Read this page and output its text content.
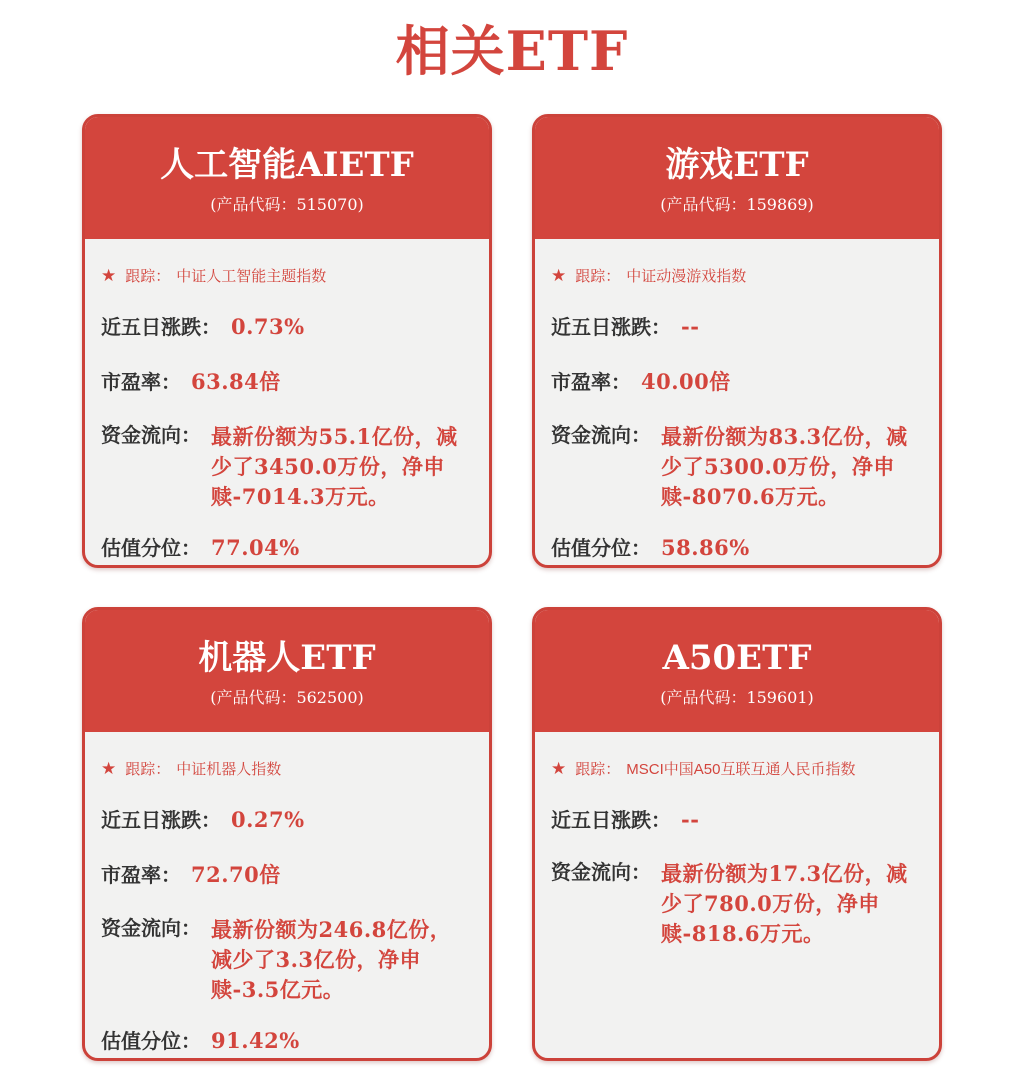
相关ETF
人工智能AIETF
(产品代码：515070)
★ 跟踪： 中证人工智能主题指数
近五日涨跌： 0.73%
市盈率： 63.84倍
资金流向： 最新份额为55.1亿份，减少了3450.0万份，净申赎-7014.3万元。
估值分位： 77.04%
游戏ETF
(产品代码：159869)
★ 跟踪： 中证动漫游戏指数
近五日涨跌： --
市盈率： 40.00倍
资金流向： 最新份额为83.3亿份，减少了5300.0万份，净申赎-8070.6万元。
估值分位： 58.86%
机器人ETF
(产品代码：562500)
★ 跟踪： 中证机器人指数
近五日涨跌： 0.27%
市盈率： 72.70倍
资金流向： 最新份额为246.8亿份，减少了3.3亿份，净申赎-3.5亿元。
估值分位： 91.42%
A50ETF
(产品代码：159601)
★ 跟踪： MSCI中国A50互联互通人民币指数
近五日涨跌： --
资金流向： 最新份额为17.3亿份，减少了780.0万份，净申赎-818.6万元。
